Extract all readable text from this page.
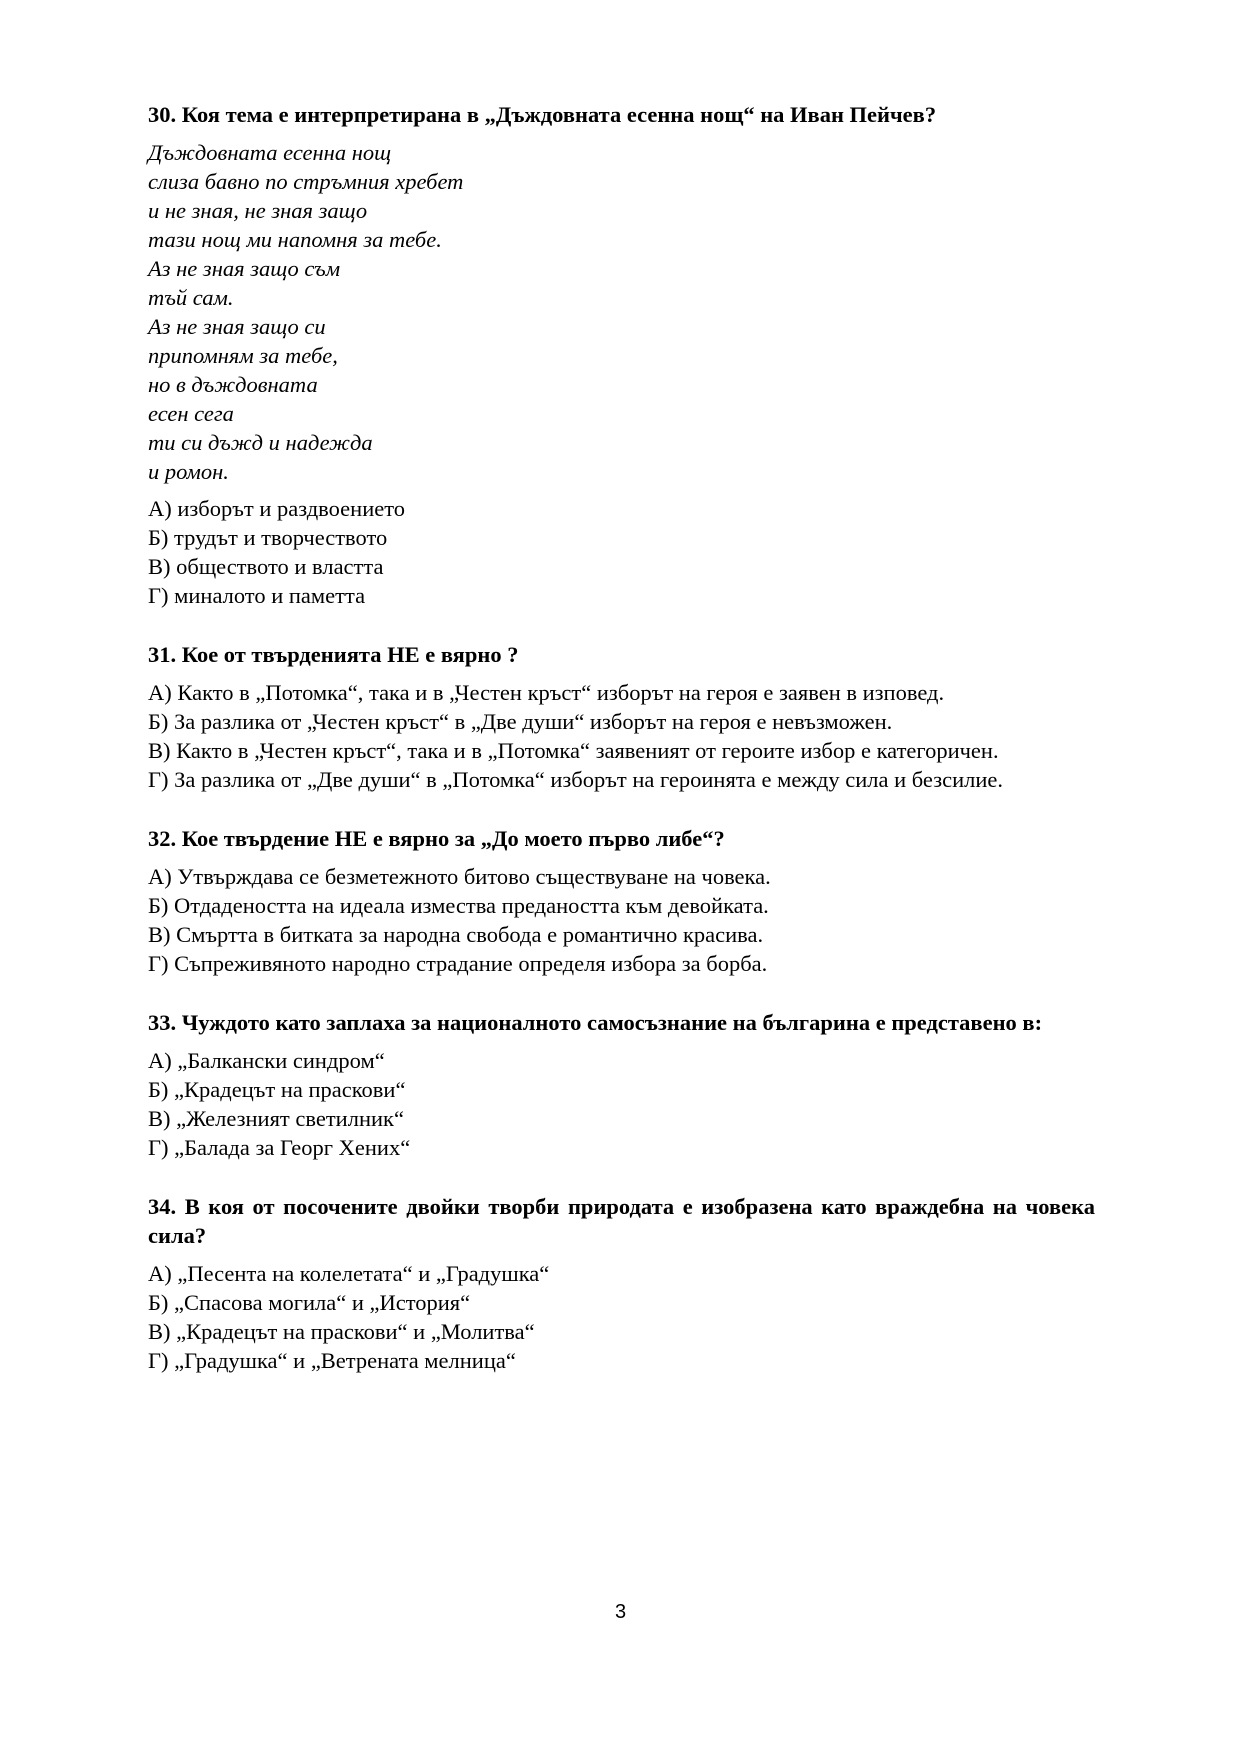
30. Коя тема е интерпретирана в „Дъждовната есенна нощ“ на Иван Пейчев?

Дъждовната есенна нощ
слиза бавно по стръмния хребет
и не зная, не зная защо
тази нощ ми напомня за тебе.
Аз не зная защо съм
тъй сам.
Аз не зная защо си
припомням за тебе,
но в дъждовната
есен сега
ти си дъжд и надежда
и ромон.
А) изборът и раздвоението
Б) трудът и творчеството
В) обществото и властта
Г) миналото и паметта

31. Кое от твърденията НЕ е вярно ?

А) Както в „Потомка“, така и в „Честен кръст“ изборът на героя е заявен в изповед.
Б) За разлика от „Честен кръст“ в „Две души“ изборът на героя е невъзможен.
В) Както в „Честен кръст“, така и в „Потомка“ заявеният от героите избор е категоричен.
Г) За разлика от „Две души“ в „Потомка“ изборът на героинята е между сила и безсилие.

32. Кое твърдение НЕ е вярно за „До моето първо либе“?

А) Утвърждава се безметежното битово съществуване на човека.
Б) Отдадеността на идеала измества предаността към девойката.
В) Смъртта в битката за народна свобода е романтично красива.
Г) Съпреживяното народно страдание определя избора за борба.

33. Чуждото като заплаха за националното самосъзнание на българина е представено в:

А) „Балкански синдром“
Б) „Крадецът на праскови“
В) „Железният светилник“
Г) „Балада за Георг Хених“

34. В коя от посочените двойки творби природата е изобразена като враждебна на човека сила?

А) „Песента на колелетата“ и „Градушка“
Б) „Спасова могила“ и „История“
В) „Крадецът на праскови“ и „Молитва“
Г) „Градушка“ и „Ветрената мелница“
3
